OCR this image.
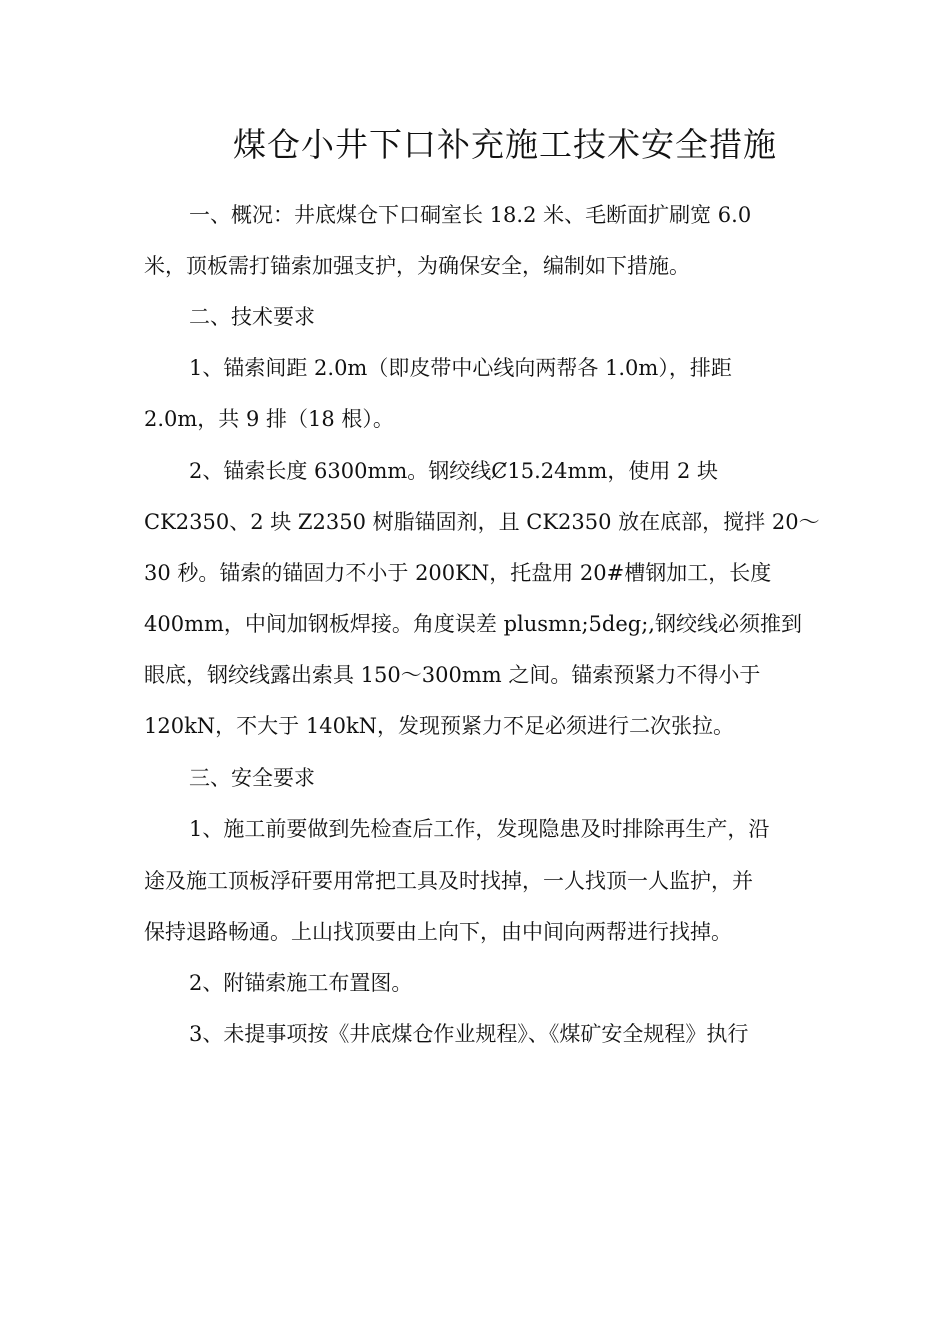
煤仓小井下口补充施工技术安全措施
一、概况：井底煤仓下口硐室长 18.2 米、毛断面扩刷宽 6.0
米，顶板需打锚索加强支护，为确保安全，编制如下措施。
二、技术要求
1、锚索间距 2.0m（即皮带中心线向两帮各 1.0m），排距
2.0m，共 9 排（18 根）。
2、锚索长度 6300mm。钢绞线Ȼ15.24mm，使用 2 块
CK2350、2 块 Z2350 树脂锚固剂，且 CK2350 放在底部，搅拌 20～
30 秒。锚索的锚固力不小于 200KN，托盘用 20#槽钢加工，长度
400mm，中间加钢板焊接。角度误差 plusmn;5deg;,钢绞线必须推到
眼底，钢绞线露出索具 150～300mm 之间。锚索预紧力不得小于
120kN，不大于 140kN，发现预紧力不足必须进行二次张拉。
三、安全要求
1、施工前要做到先检查后工作，发现隐患及时排除再生产，沿
途及施工顶板浮矸要用常把工具及时找掉，一人找顶一人监护，并
保持退路畅通。上山找顶要由上向下，由中间向两帮进行找掉。
2、附锚索施工布置图。
3、未提事项按《井底煤仓作业规程》、《煤矿安全规程》执行
